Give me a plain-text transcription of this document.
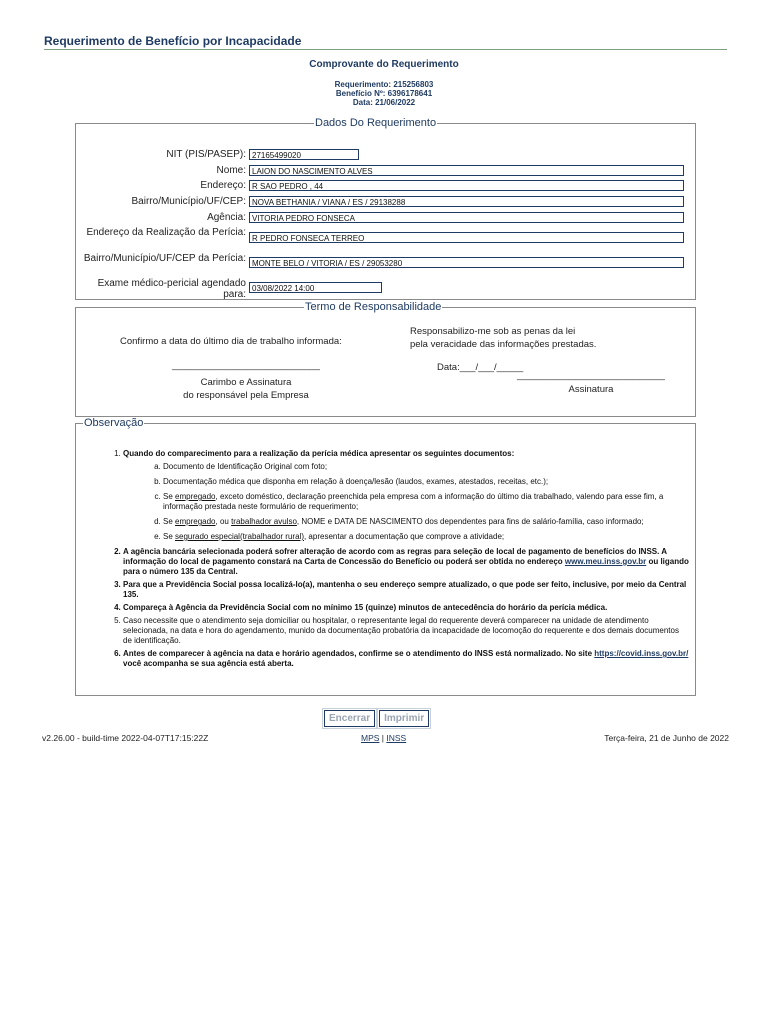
Requerimento de Benefício por Incapacidade
Comprovante do Requerimento
Requerimento: 215256803
Benefício Nº: 6396178641
Data: 21/06/2022
Dados Do Requerimento
NIT (PIS/PASEP): 27165499020
Nome: LAION DO NASCIMENTO ALVES
Endereço: R SAO PEDRO , 44
Bairro/Município/UF/CEP: NOVA BETHANIA / VIANA / ES / 29138288
Agência: VITORIA PEDRO FONSECA
Endereço da Realização da Perícia:
R PEDRO FONSECA TERREO
Bairro/Município/UF/CEP da Perícia: MONTE BELO / VITORIA / ES / 29053280
Exame médico-pericial agendado para:
03/08/2022 14:00
Termo de Responsabilidade
Confirmo a data do último dia de trabalho informada:
____________________________
Carimbo e Assinatura
do responsável pela Empresa
Responsabilizo-me sob as penas da lei
pela veracidade das informações prestadas.
Data:___/___/_____
____________________________
Assinatura
Observação
1. Quando do comparecimento para a realização da perícia médica apresentar os seguintes documentos:
a. Documento de Identificação Original com foto;
b. Documentação médica que disponha em relação à doença/lesão (laudos, exames, atestados, receitas, etc.);
c. Se empregado, exceto doméstico, declaração preenchida pela empresa com a informação do último dia trabalhado, valendo para esse fim, a informação prestada neste formulário de requerimento;
d. Se empregado, ou trabalhador avulso, NOME e DATA DE NASCIMENTO dos dependentes para fins de salário-família, caso informado;
e. Se segurado especial(trabalhador rural), apresentar a documentação que comprove a atividade;
2. A agência bancária selecionada poderá sofrer alteração de acordo com as regras para seleção de local de pagamento de benefícios do INSS. A informação do local de pagamento constará na Carta de Concessão do Benefício ou poderá ser obtida no endereço www.meu.inss.gov.br ou ligando para o número 135 da Central.
3. Para que a Previdência Social possa localizá-lo(a), mantenha o seu endereço sempre atualizado, o que pode ser feito, inclusive, por meio da Central 135.
4. Compareça à Agência da Previdência Social com no mínimo 15 (quinze) minutos de antecedência do horário da perícia médica.
5. Caso necessite que o atendimento seja domiciliar ou hospitalar, o representante legal do requerente deverá comparecer na unidade de atendimento selecionada, na data e hora do agendamento, munido da documentação probatória da incapacidade de locomoção do requerente e dos demais documentos de identificação.
6. Antes de comparecer à agência na data e horário agendados, confirme se o atendimento do INSS está normalizado. No site https://covid.inss.gov.br/ você acompanha se sua agência está aberta.
Encerrar	Imprimir
v2.26.00 - build-time 2022-04-07T17:15:22Z	MPS | INSS	Terça-feira, 21 de Junho de 2022
